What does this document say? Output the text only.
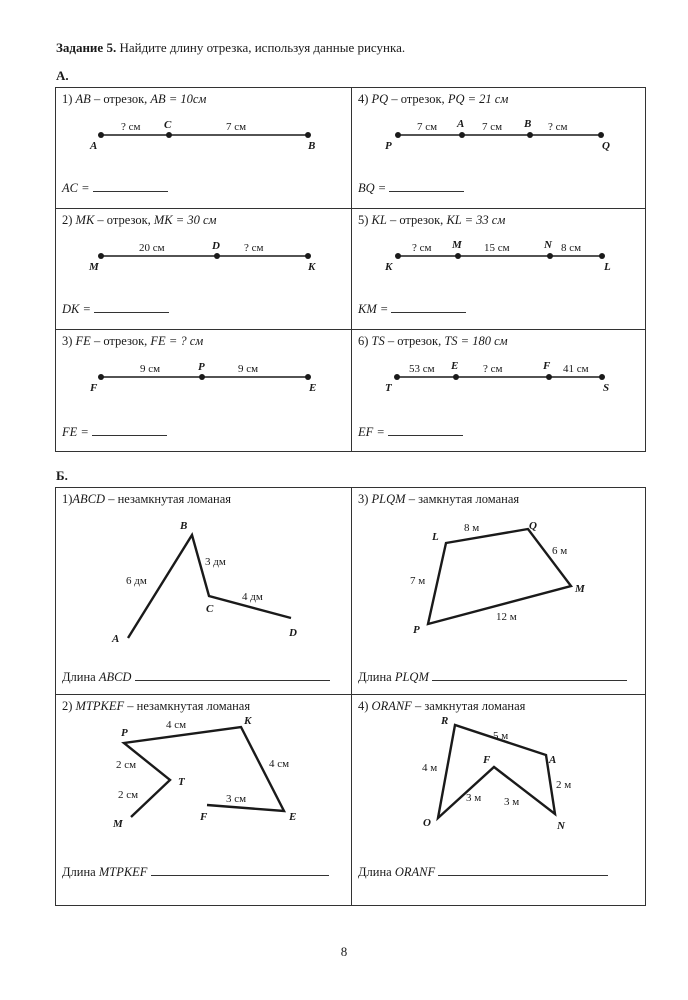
Задание 5. Найдите длину отрезка, используя данные рисунка.
А.
1) AB – отрезок, AB = 10см
? см	7 см
A
C
B
AC =
2) MK – отрезок, MK = 30 см
20 см	? см
M
D
K
DK =
3) FE – отрезок, FE = ? см
9 см	9 см
F
P
E
FE =
4) PQ – отрезок, PQ = 21 см
7 см	7 см	? см
P
A	B
Q
BQ =
5) KL – отрезок, KL = 33 см
? см	15 см	8 см
K
M	N
L
KM =
6) TS – отрезок, TS = 180 см
53 см	? см	41 см
T
E	F
S
EF =
Б.
1)ABCD – незамкнутая ломаная
A
B
C
D
6 дм
3 дм
4 дм
Длина ABCD
2) MTPKEF – незамкнутая ломаная
M
T
P
K
E
F
2 см
2 см
4 см
4 см
3 см
Длина MTPKEF
3) PLQM – замкнутая ломаная
P
L
Q
M
7 м
8 м
6 м
12 м
Длина PLQM
4) ORANF – замкнутая ломаная
O
R
A
N
F
4 м
5 м
2 м
3 м 3 м
Длина ORANF
8
